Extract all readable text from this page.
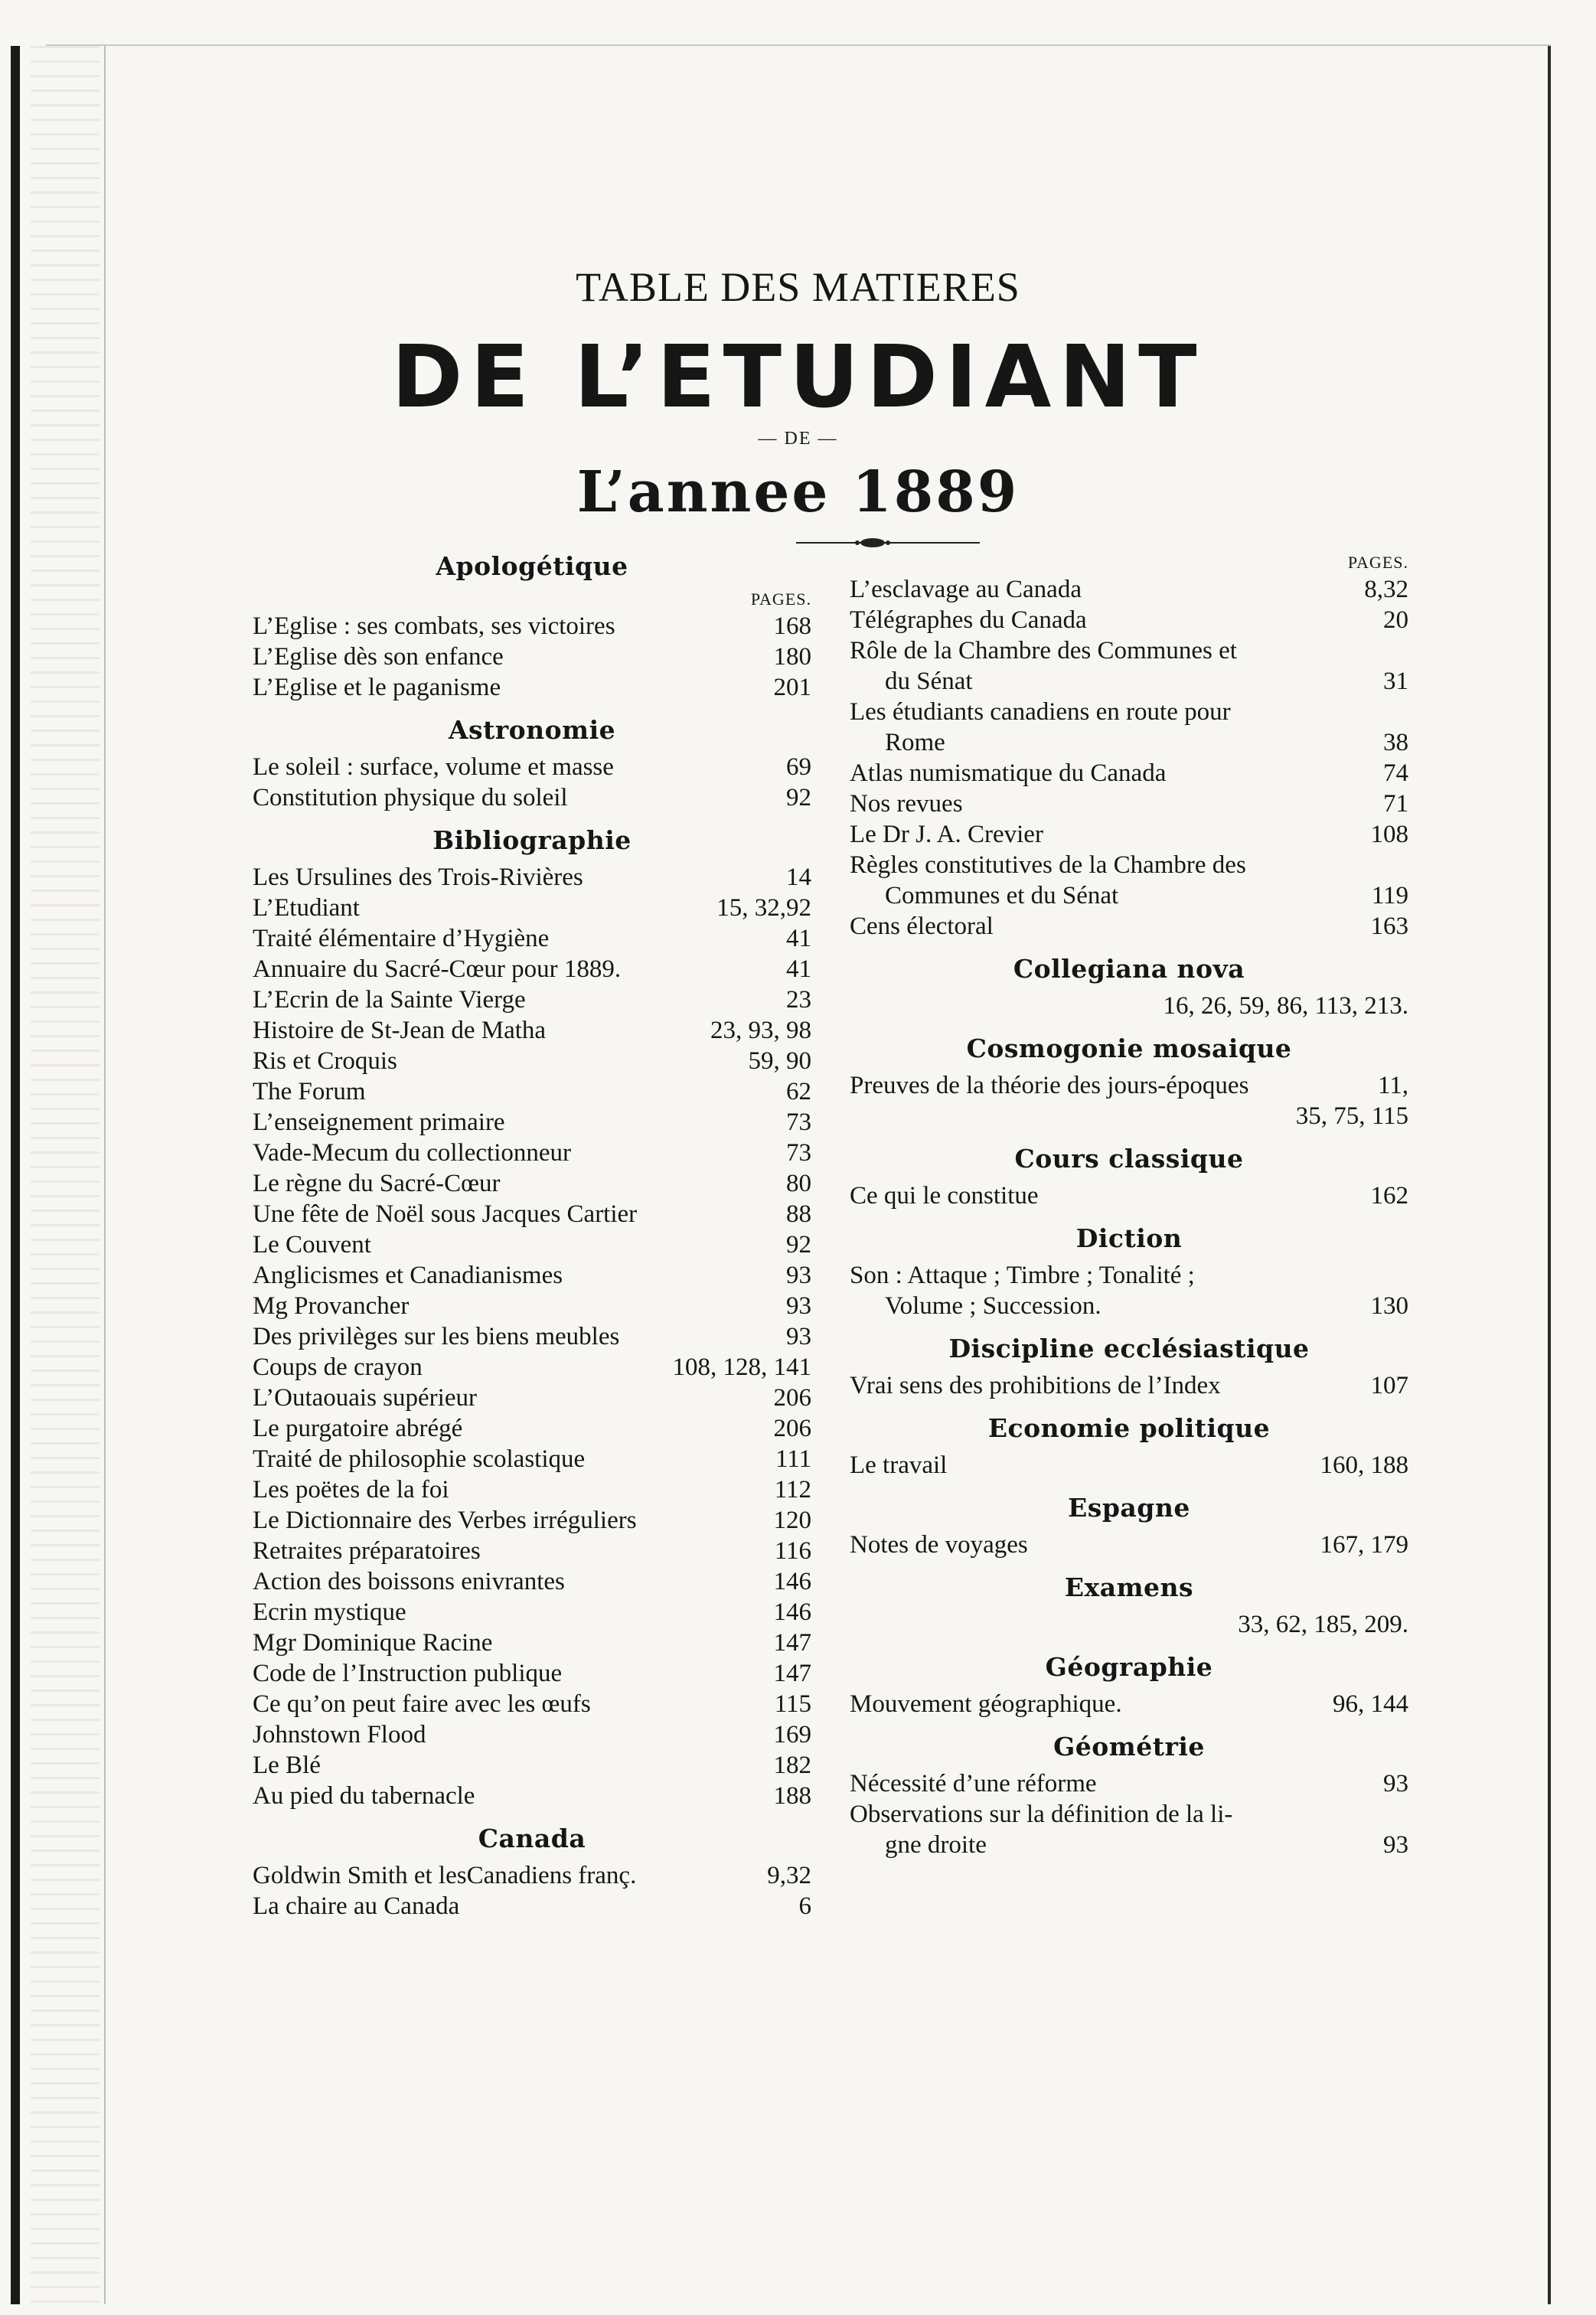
TABLE DES MATIERES
DE L’ETUDIANT
— DE —
L’annee 1889
Apologétique
PAGES.
L’Eglise : ses combats, ses victoires	168
L’Eglise dès son enfance	180
L’Eglise et le paganisme	201
Astronomie
Le soleil : surface, volume et masse	69
Constitution physique du soleil	92
Bibliographie
Les Ursulines des Trois-Rivières	14
L’Etudiant	15, 32,92
Traité élémentaire d’Hygiène	41
Annuaire du Sacré-Cœur pour 1889.	41
L’Ecrin de la Sainte Vierge	23
Histoire de St-Jean de Matha	23, 93, 98
Ris et Croquis	59, 90
The Forum	62
L’enseignement primaire	73
Vade-Mecum du collectionneur	73
Le règne du Sacré-Cœur	80
Une fête de Noël sous Jacques Cartier	88
Le Couvent	92
Anglicismes et Canadianismes	93
Mg Provancher	93
Des privilèges sur les biens meubles	93
Coups de crayon	108, 128, 141
L’Outaouais supérieur	206
Le purgatoire abrégé	206
Traité de philosophie scolastique	111
Les poëtes de la foi	112
Le Dictionnaire des Verbes irréguliers	120
Retraites préparatoires	116
Action des boissons enivrantes	146
Ecrin mystique	146
Mgr Dominique Racine	147
Code de l’Instruction publique	147
Ce qu’on peut faire avec les œufs	115
Johnstown Flood	169
Le Blé	182
Au pied du tabernacle	188
Canada
Goldwin Smith et lesCanadiens franç.	9,32
La chaire au Canada	6
PAGES.
L’esclavage au Canada	8,32
Télégraphes du Canada	20
Rôle de la Chambre des Communes et
du Sénat	31
Les étudiants canadiens en route pour
Rome	38
Atlas numismatique du Canada	74
Nos revues	71
Le Dr J. A. Crevier	108
Règles constitutives de la Chambre des
Communes et du Sénat	119
Cens électoral	163
Collegiana nova
16, 26, 59, 86, 113, 213.
Cosmogonie mosaique
Preuves de la théorie des jours-époques	11,
35, 75, 115
Cours classique
Ce qui le constitue	162
Diction
Son : Attaque ; Timbre ; Tonalité ;
Volume ; Succession.	130
Discipline ecclésiastique
Vrai sens des prohibitions de l’Index	107
Economie politique
Le travail	160, 188
Espagne
Notes de voyages	167, 179
Examens
33, 62, 185, 209.
Géographie
Mouvement géographique.	96, 144
Géométrie
Nécessité d’une réforme	93
Observations sur la définition de la li-
gne droite	93
